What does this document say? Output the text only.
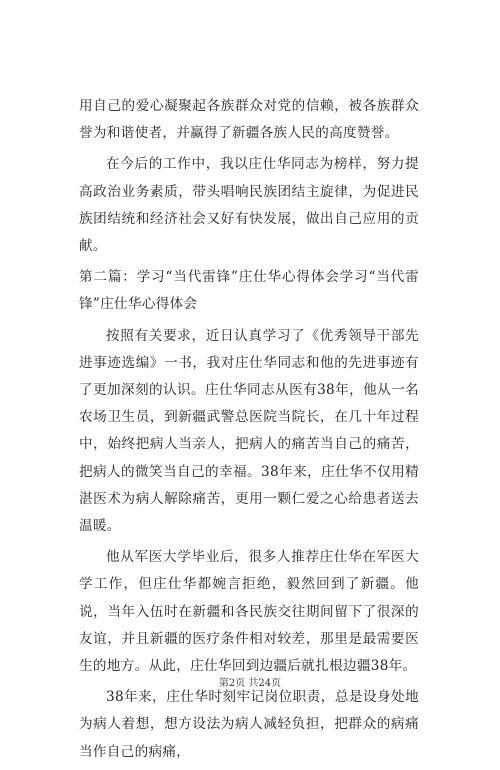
用自己的爱心凝聚起各族群众对党的信赖，被各族群众誉为和谐使者，并赢得了新疆各族人民的高度赞誉。

在今后的工作中，我以庄仕华同志为榜样，努力提高政治业务素质，带头唱响民族团结主旋律，为促进民族团结统和经济社会又好有快发展，做出自己应用的贡献。

第二篇：学习“当代雷锋”庄仕华心得体会学习“当代雷锋”庄仕华心得体会

按照有关要求，近日认真学习了《优秀领导干部先进事迹选编》一书，我对庄仕华同志和他的先进事迹有了更加深刻的认识。庄仕华同志从医有38年，他从一名农场卫生员，到新疆武警总医院当院长，在几十年过程中，始终把病人当亲人，把病人的痛苦当自己的痛苦，把病人的微笑当自己的幸福。38年来，庄仕华不仅用精湛医术为病人解除痛苦，更用一颗仁爱之心给患者送去温暖。

他从军医大学毕业后，很多人推荐庄仕华在军医大学工作，但庄仕华都婉言拒绝，毅然回到了新疆。他说，当年入伍时在新疆和各民族交往期间留下了很深的友谊，并且新疆的医疗条件相对较差，那里是最需要医生的地方。从此，庄仕华回到边疆后就扎根边疆38年。

38年来，庄仕华时刻牢记岗位职责，总是设身处地为病人着想，想方设法为病人减轻负担，把群众的病痛当作自己的病痛，

第2页 共24页
